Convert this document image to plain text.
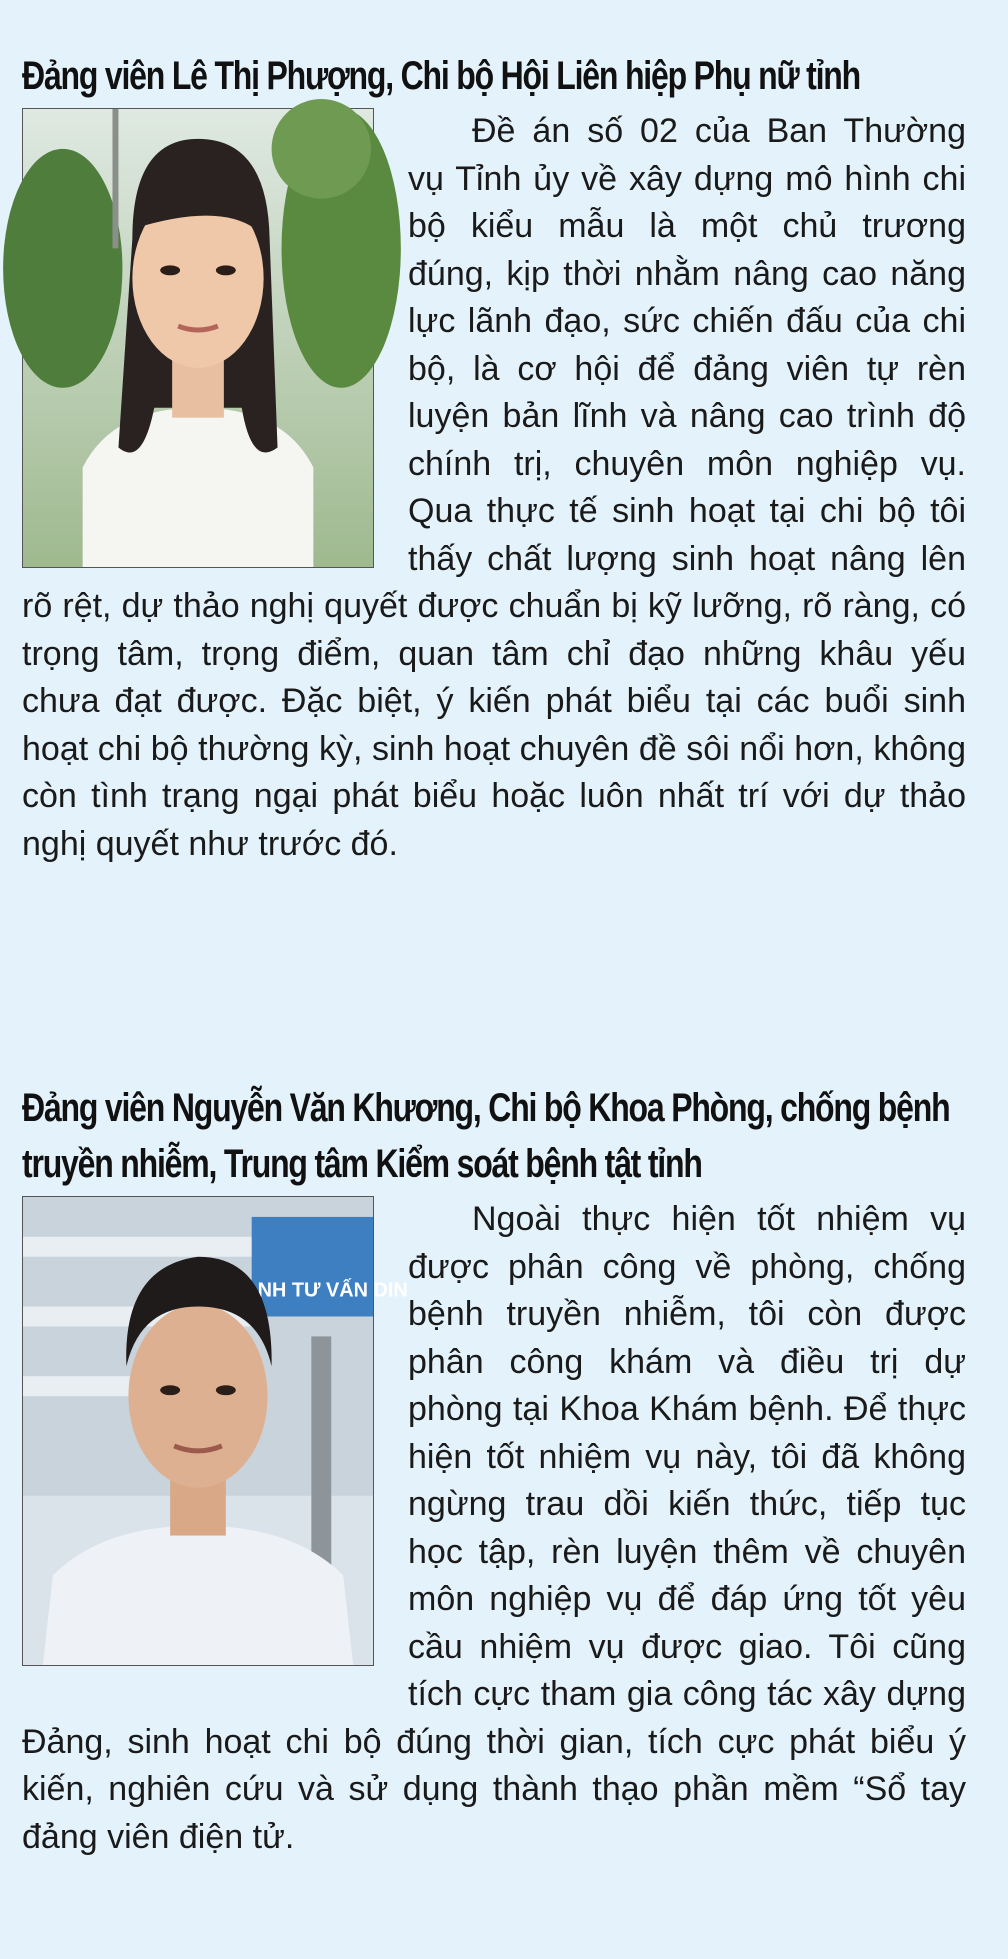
Đảng viên Lê Thị Phượng, Chi bộ Hội Liên hiệp Phụ nữ tỉnh

Đề án số 02 của Ban Thường vụ Tỉnh ủy về xây dựng mô hình chi bộ kiểu mẫu là một chủ trương đúng, kịp thời nhằm nâng cao năng lực lãnh đạo, sức chiến đấu của chi bộ, là cơ hội để đảng viên tự rèn luyện bản lĩnh và nâng cao trình độ chính trị, chuyên môn nghiệp vụ. Qua thực tế sinh hoạt tại chi bộ tôi thấy chất lượng sinh hoạt nâng lên rõ rệt, dự thảo nghị quyết được chuẩn bị kỹ lưỡng, rõ ràng, có trọng tâm, trọng điểm, quan tâm chỉ đạo những khâu yếu chưa đạt được. Đặc biệt, ý kiến phát biểu tại các buổi sinh hoạt chi bộ thường kỳ, sinh hoạt chuyên đề sôi nổi hơn, không còn tình trạng ngại phát biểu hoặc luôn nhất trí với dự thảo nghị quyết như trước đó.

Đảng viên Nguyễn Văn Khương, Chi bộ Khoa Phòng, chống bệnh truyền nhiễm, Trung tâm Kiểm soát bệnh tật tỉnh
NH TƯ VẤN DIN

Ngoài thực hiện tốt nhiệm vụ được phân công về phòng, chống bệnh truyền nhiễm, tôi còn được phân công khám và điều trị dự phòng tại Khoa Khám bệnh. Để thực hiện tốt nhiệm vụ này, tôi đã không ngừng trau dồi kiến thức, tiếp tục học tập, rèn luyện thêm về chuyên môn nghiệp vụ để đáp ứng tốt yêu cầu nhiệm vụ được giao. Tôi cũng tích cực tham gia công tác xây dựng Đảng, sinh hoạt chi bộ đúng thời gian, tích cực phát biểu ý kiến, nghiên cứu và sử dụng thành thạo phần mềm “Sổ tay đảng viên điện tử.
